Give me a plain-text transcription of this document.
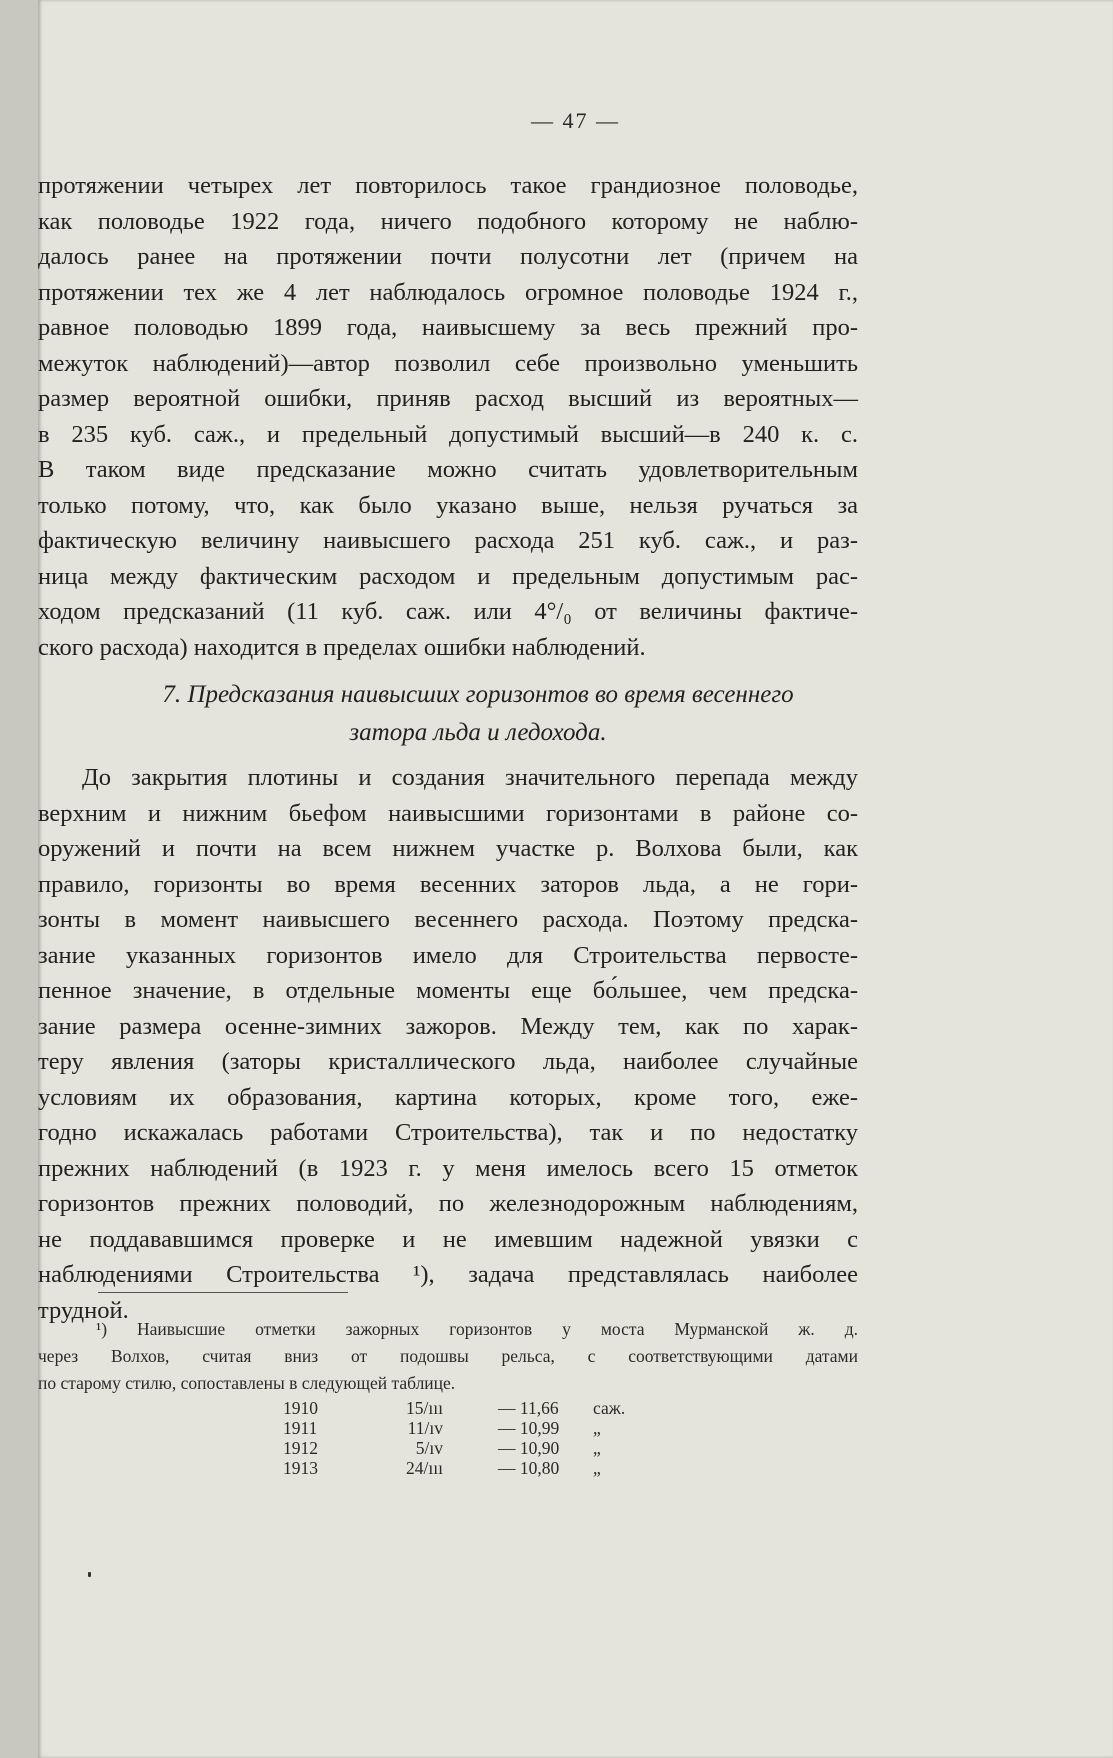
— 47 —
протяжении четырех лет повторилось такое грандиозное половодье,
как половодье 1922 года, ничего подобного которому не наблю-
далось ранее на протяжении почти полусотни лет (причем на
протяжении тех же 4 лет наблюдалось огромное половодье 1924 г.,
равное половодью 1899 года, наивысшему за весь прежний про-
межуток наблюдений)—автор позволил себе произвольно уменьшить
размер вероятной ошибки, приняв расход высший из вероятных—
в 235 куб. саж., и предельный допустимый высший—в 240 к. с.
В таком виде предсказание можно считать удовлетворительным
только потому, что, как было указано выше, нельзя ручаться за
фактическую величину наивысшего расхода 251 куб. саж., и раз-
ница между фактическим расходом и предельным допустимым рас-
ходом предсказаний (11 куб. саж. или 4°/₀ от величины фактиче-
ского расхода) находится в пределах ошибки наблюдений.
7. Предсказания наивысших горизонтов во время весеннего
затора льда и ледохода.
До закрытия плотины и создания значительного перепада между
верхним и нижним бьефом наивысшими горизонтами в районе со-
оружений и почти на всем нижнем участке р. Волхова были, как
правило, горизонты во время весенних заторов льда, а не гори-
зонты в момент наивысшего весеннего расхода. Поэтому предска-
зание указанных горизонтов имело для Строительства первосте-
пенное значение, в отдельные моменты еще бо́льшее, чем предска-
зание размера осенне-зимних зажоров. Между тем, как по харак-
теру явления (заторы кристаллического льда, наиболее случайные
условиям их образования, картина которых, кроме того, еже-
годно искажалась работами Строительства), так и по недостатку
прежних наблюдений (в 1923 г. у меня имелось всего 15 отметок
горизонтов прежних половодий, по железнодорожным наблюдениям,
не поддававшимся проверке и не имевшим надежной увязки с
наблюдениями Строительства ¹), задача представлялась наиболее
трудной.
¹) Наивысшие отметки зажорных горизонтов у моста Мурманской ж. д.
через Волхов, считая вниз от подошвы рельса, с соответствующими датами
по старому стилю, сопоставлены в следующей таблице.
1910	15/ııı	— 11,66 саж.
1911	11/ıv	— 10,99 „
1912	5/ıv	— 10,90 „
1913	24/ııı	— 10,80 „
